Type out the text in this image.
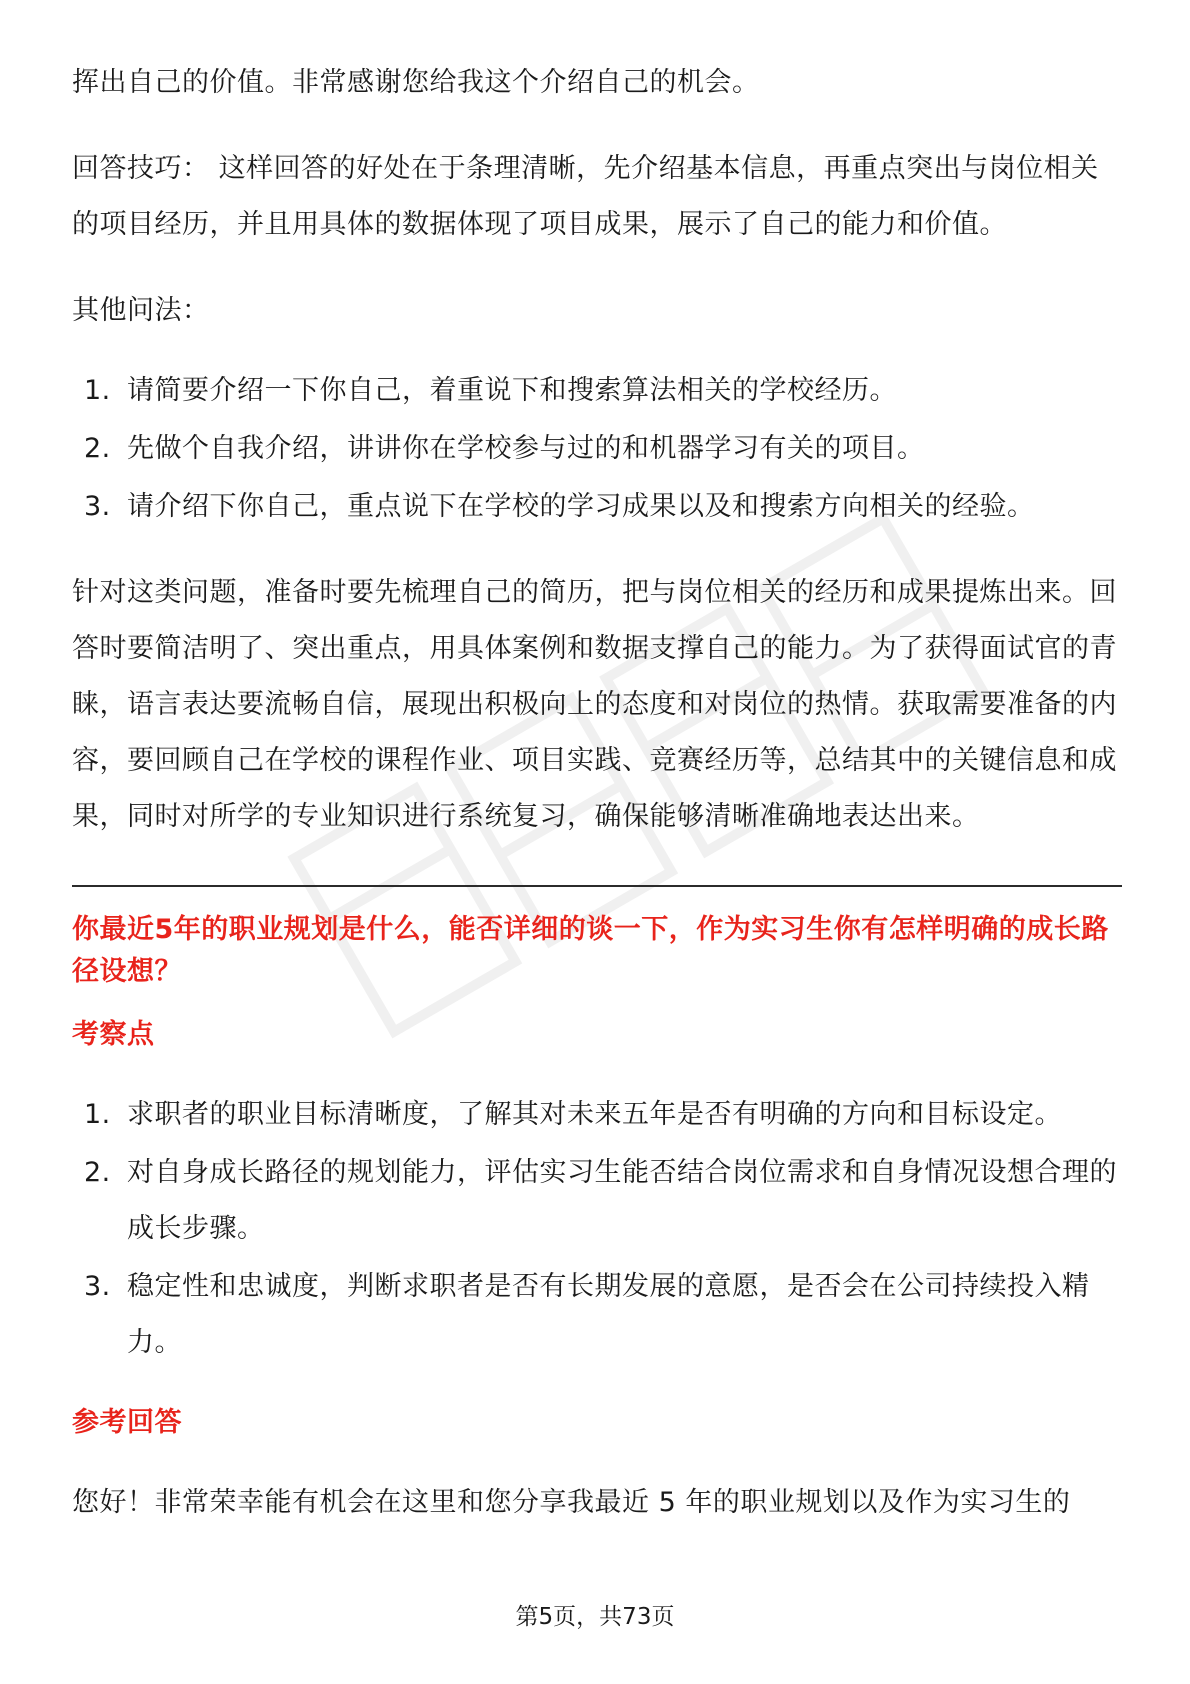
挥出自己的价值。非常感谢您给我这个介绍自己的机会。

回答技巧： 这样回答的好处在于条理清晰，先介绍基本信息，再重点突出与岗位相关的项目经历，并且用具体的数据体现了项目成果，展示了自己的能力和价值。

其他问法：

1. 请简要介绍一下你自己，着重说下和搜索算法相关的学校经历。
2. 先做个自我介绍，讲讲你在学校参与过的和机器学习有关的项目。
3. 请介绍下你自己，重点说下在学校的学习成果以及和搜索方向相关的经验。

针对这类问题，准备时要先梳理自己的简历，把与岗位相关的经历和成果提炼出来。回答时要简洁明了、突出重点，用具体案例和数据支撑自己的能力。为了获得面试官的青睐，语言表达要流畅自信，展现出积极向上的态度和对岗位的热情。获取需要准备的内容，要回顾自己在学校的课程作业、项目实践、竞赛经历等，总结其中的关键信息和成果，同时对所学的专业知识进行系统复习，确保能够清晰准确地表达出来。

你最近5年的职业规划是什么，能否详细的谈一下，作为实习生你有怎样明确的成长路径设想？

考察点

1. 求职者的职业目标清晰度，了解其对未来五年是否有明确的方向和目标设定。
2. 对自身成长路径的规划能力，评估实习生能否结合岗位需求和自身情况设想合理的成长步骤。
3. 稳定性和忠诚度，判断求职者是否有长期发展的意愿，是否会在公司持续投入精力。

参考回答

您好！非常荣幸能有机会在这里和您分享我最近 5 年的职业规划以及作为实习生的

第5页，共73页
